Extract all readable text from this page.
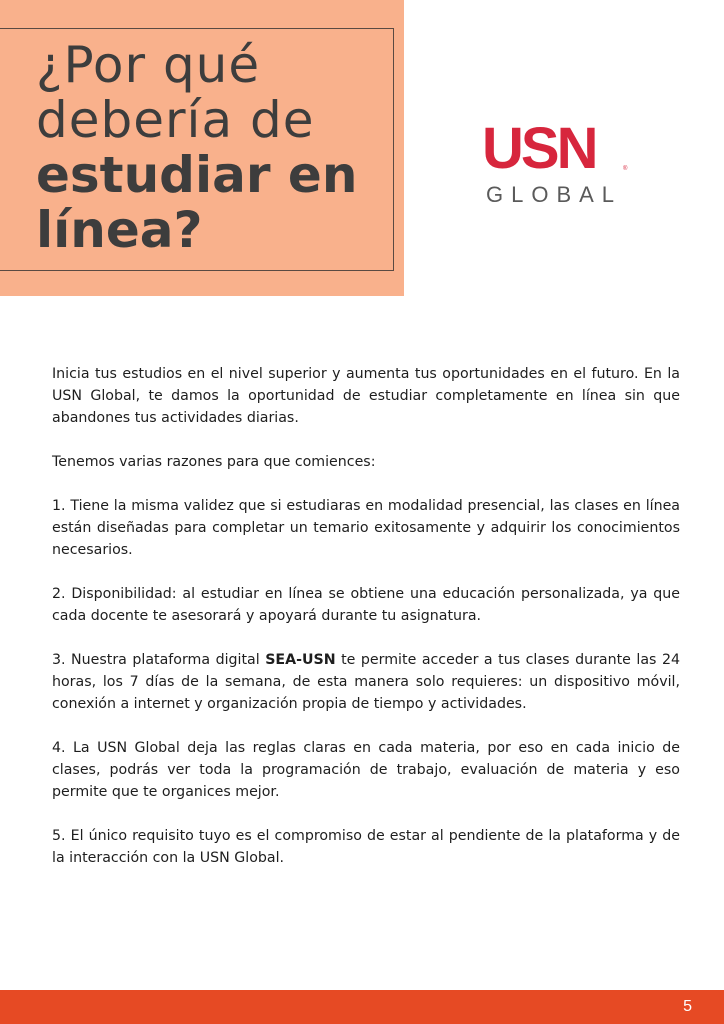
¿Por qué
debería de
estudiar en
línea?
USN	®
GLOBAL

Inicia tus estudios en el nivel superior y aumenta tus oportunidades en el futuro. En la USN Global, te damos la oportunidad de estudiar completamente en línea sin que abandones tus actividades diarias.

Tenemos varias razones para que comiences:

1. Tiene la misma validez que si estudiaras en modalidad presencial, las clases en línea están diseñadas para completar un temario exitosamente y adquirir los conocimientos necesarios.

2. Disponibilidad: al estudiar en línea se obtiene una educación personalizada, ya que cada docente te asesorará y apoyará durante tu asignatura.

3. Nuestra plataforma digital SEA-USN te permite acceder a tus clases durante las 24 horas, los 7 días de la semana, de esta manera solo requieres: un dispositivo móvil, conexión a internet y organización propia de tiempo y actividades.

4. La USN Global deja las reglas claras en cada materia, por eso en cada inicio de clases, podrás ver toda la programación de trabajo, evaluación de materia y eso permite que te organices mejor.

5. El único requisito tuyo es el compromiso de estar al pendiente de la plataforma y de la interacción con la USN Global.

5
